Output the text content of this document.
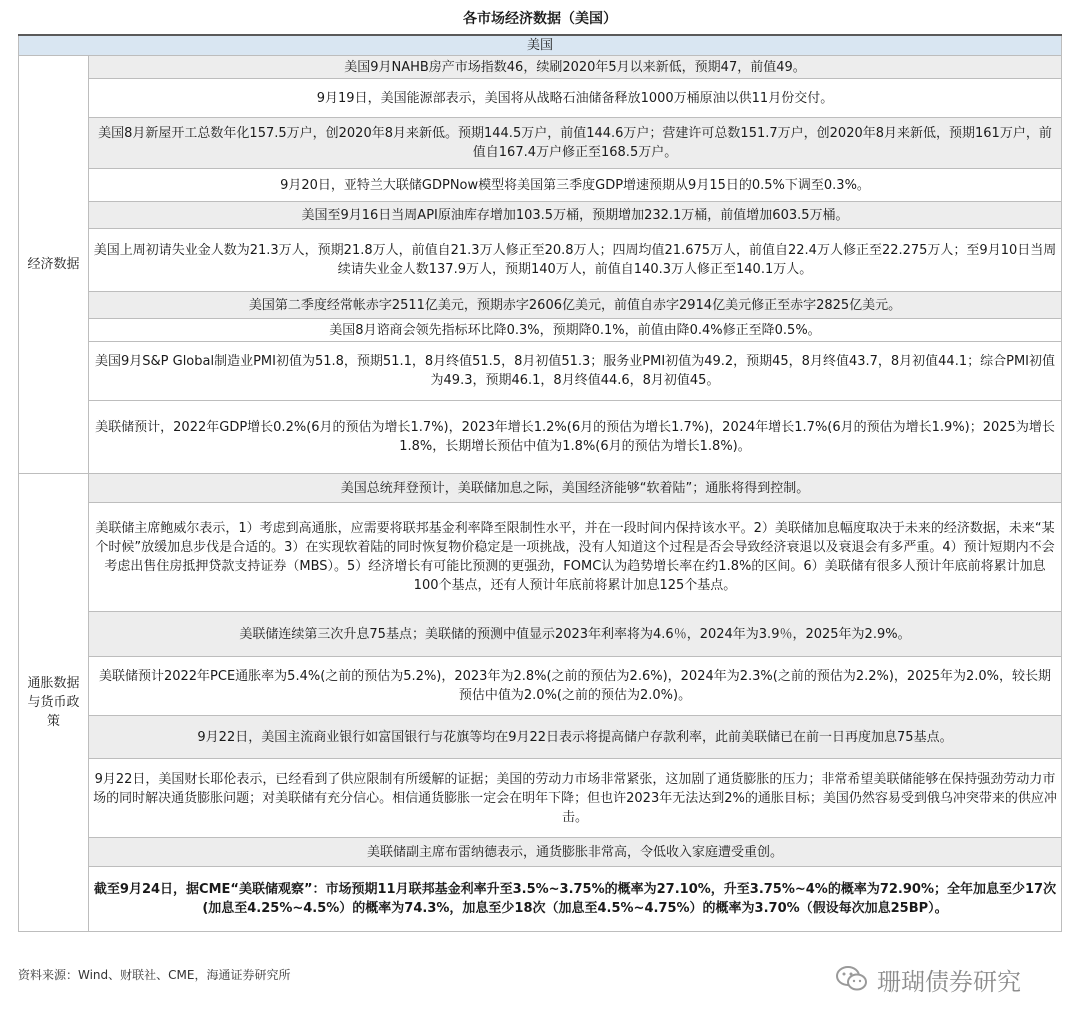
各市场经济数据（美国）
美国	
经济数据	美国9月NAHB房产市场指数46，续刷2020年5月以来新低，预期47，前值49。
	9月19日，美国能源部表示，美国将从战略石油储备释放1000万桶原油以供11月份交付。
	美国8月新屋开工总数年化157.5万户，创2020年8月来新低。预期144.5万户，前值144.6万户；营建许可总数151.7万户，创2020年8月来新低，预期161万户，前值自167.4万户修正至168.5万户。
	9月20日，亚特兰大联储GDPNow模型将美国第三季度GDP增速预期从9月15日的0.5%下调至0.3%。
	美国至9月16日当周API原油库存增加103.5万桶，预期增加232.1万桶，前值增加603.5万桶。
	美国上周初请失业金人数为21.3万人，预期21.8万人，前值自21.3万人修正至20.8万人；四周均值21.675万人，前值自22.4万人修正至22.275万人；至9月10日当周续请失业金人数137.9万人，预期140万人，前值自140.3万人修正至140.1万人。
	美国第二季度经常帐赤字2511亿美元，预期赤字2606亿美元，前值自赤字2914亿美元修正至赤字2825亿美元。
	美国8月谘商会领先指标环比降0.3%，预期降0.1%，前值由降0.4%修正至降0.5%。
	美国9月S&P Global制造业PMI初值为51.8，预期51.1，8月终值51.5，8月初值51.3；服务业PMI初值为49.2，预期45，8月终值43.7，8月初值44.1；综合PMI初值为49.3，预期46.1，8月终值44.6，8月初值45。
	美联储预计，2022年GDP增长0.2%(6月的预估为增长1.7%)，2023年增长1.2%(6月的预估为增长1.7%)，2024年增长1.7%(6月的预估为增长1.9%)；2025为增长1.8%，长期增长预估中值为1.8%(6月的预估为增长1.8%)。
通胀数据与货币政策	美国总统拜登预计，美联储加息之际，美国经济能够“软着陆”；通胀将得到控制。
	美联储主席鲍威尔表示，1）考虑到高通胀，应需要将联邦基金利率降至限制性水平，并在一段时间内保持该水平。2）美联储加息幅度取决于未来的经济数据，未来“某个时候”放缓加息步伐是合适的。3）在实现软着陆的同时恢复物价稳定是一项挑战，没有人知道这个过程是否会导致经济衰退以及衰退会有多严重。4）预计短期内不会考虑出售住房抵押贷款支持证券（MBS）。5）经济增长有可能比预测的更强劲，FOMC认为趋势增长率在约1.8%的区间。6）美联储有很多人预计年底前将累计加息100个基点，还有人预计年底前将累计加息125个基点。
	美联储连续第三次升息75基点；美联储的预测中值显示2023年利率将为4.6％，2024年为3.9％，2025年为2.9%。
	美联储预计2022年PCE通胀率为5.4%(之前的预估为5.2%)，2023年为2.8%(之前的预估为2.6%)，2024年为2.3%(之前的预估为2.2%)，2025年为2.0%，较长期预估中值为2.0%(之前的预估为2.0%)。
	9月22日，美国主流商业银行如富国银行与花旗等均在9月22日表示将提高储户存款利率，此前美联储已在前一日再度加息75基点。
	9月22日，美国财长耶伦表示，已经看到了供应限制有所缓解的证据；美国的劳动力市场非常紧张，这加剧了通货膨胀的压力；非常希望美联储能够在保持强劲劳动力市场的同时解决通货膨胀问题；对美联储有充分信心。相信通货膨胀一定会在明年下降；但也许2023年无法达到2%的通胀目标；美国仍然容易受到俄乌冲突带来的供应冲击。
	美联储副主席布雷纳德表示，通货膨胀非常高，令低收入家庭遭受重创。
	截至9月24日，据CME“美联储观察”：市场预期11月联邦基金利率升至3.5%~3.75%的概率为27.10%，升至3.75%~4%的概率为72.90%；全年加息至少17次(加息至4.25%~4.5%）的概率为74.3%，加息至少18次（加息至4.5%~4.75%）的概率为3.70%（假设每次加息25BP）。
资料来源：Wind、财联社、CME，海通证券研究所	珊瑚债券研究
